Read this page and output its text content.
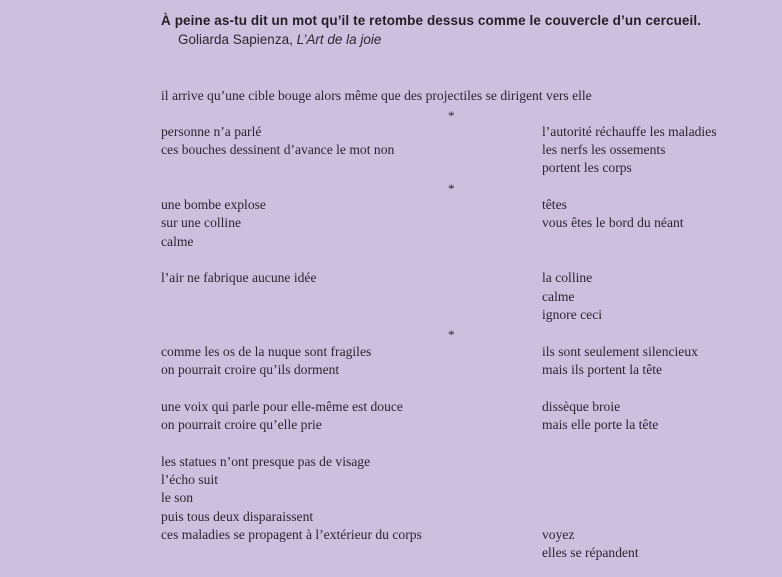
À peine as-tu dit un mot qu’il te retombe dessus comme le couvercle d’un cercueil.
Goliarda Sapienza, L’Art de la joie
il arrive qu’une cible bouge alors même que des projectiles se dirigent vers elle
*
personne n’a parlé
ces bouches dessinent d’avance le mot non
l’autorité réchauffe les maladies
les nerfs les ossements
portent les corps
*
une bombe explose
sur une colline
calme
têtes
vous êtes le bord du néant
l’air ne fabrique aucune idée	la colline
calme
ignore ceci
*
comme les os de la nuque sont fragiles
on pourrait croire qu’ils dorment
ils sont seulement silencieux
mais ils portent la tête
une voix qui parle pour elle-même est douce
on pourrait croire qu’elle prie
dissèque broie
mais elle porte la tête
les statues n’ont presque pas de visage
l’écho suit
le son
puis tous deux disparaissent
ces maladies se propagent à l’extérieur du corps	voyez
elles se répandent
